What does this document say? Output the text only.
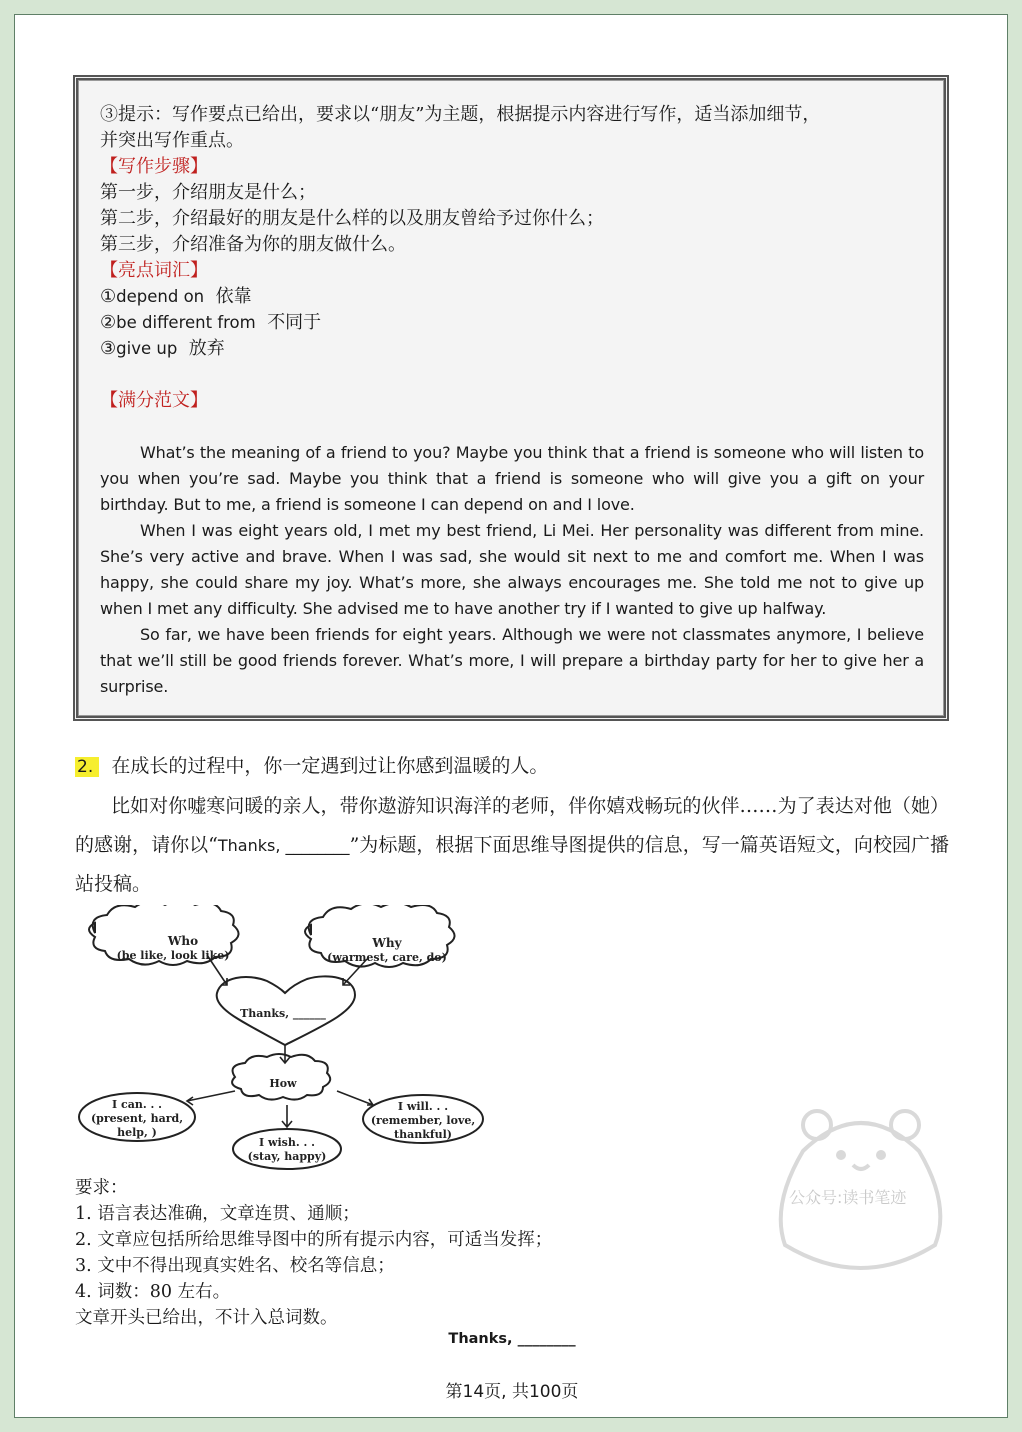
③提示：写作要点已给出，要求以“朋友”为主题，根据提示内容进行写作，适当添加细节，
并突出写作重点。
【写作步骤】
第一步，介绍朋友是什么；
第二步，介绍最好的朋友是什么样的以及朋友曾给予过你什么；
第三步，介绍准备为你的朋友做什么。
【亮点词汇】
①depend on 依靠
②be different from 不同于
③give up 放弃
【满分范文】

What’s the meaning of a friend to you? Maybe you think that a friend is someone who will listen to you when you’re sad. Maybe you think that a friend is someone who will give you a gift on your birthday. But to me, a friend is someone I can depend on and I love.

When I was eight years old, I met my best friend, Li Mei. Her personality was different from mine. She’s very active and brave. When I was sad, she would sit next to me and comfort me. When I was happy, she could share my joy. What’s more, she always encourages me. She told me not to give up when I met any difficulty. She advised me to have another try if I wanted to give up halfway.

So far, we have been friends for eight years. Although we were not classmates anymore, I believe that we’ll still be good friends forever. What’s more, I will prepare a birthday party for her to give her a surprise.

2. 在成长的过程中，你一定遇到过让你感到温暖的人。

比如对你嘘寒问暖的亲人，带你遨游知识海洋的老师，伴你嬉戏畅玩的伙伴……为了表达对他（她）的感谢，请你以“Thanks, ________”为标题，根据下面思维导图提供的信息，写一篇英语短文，向校园广播站投稿。

Who
(be like, look like)
Why
(warmest, care, do)
Thanks, ______
How
I can. . .
(present, hard,
help, )
I wish. . .
(stay, happy)
I will. . .
(remember, love,
thankful)
公众号:读书笔迹
要求：
1. 语言表达准确，文章连贯、通顺；
2. 文章应包括所给思维导图中的所有提示内容，可适当发挥；
3. 文中不得出现真实姓名、校名等信息；
4. 词数：80 左右。
文章开头已给出，不计入总词数。
Thanks, ________
第14页, 共100页
